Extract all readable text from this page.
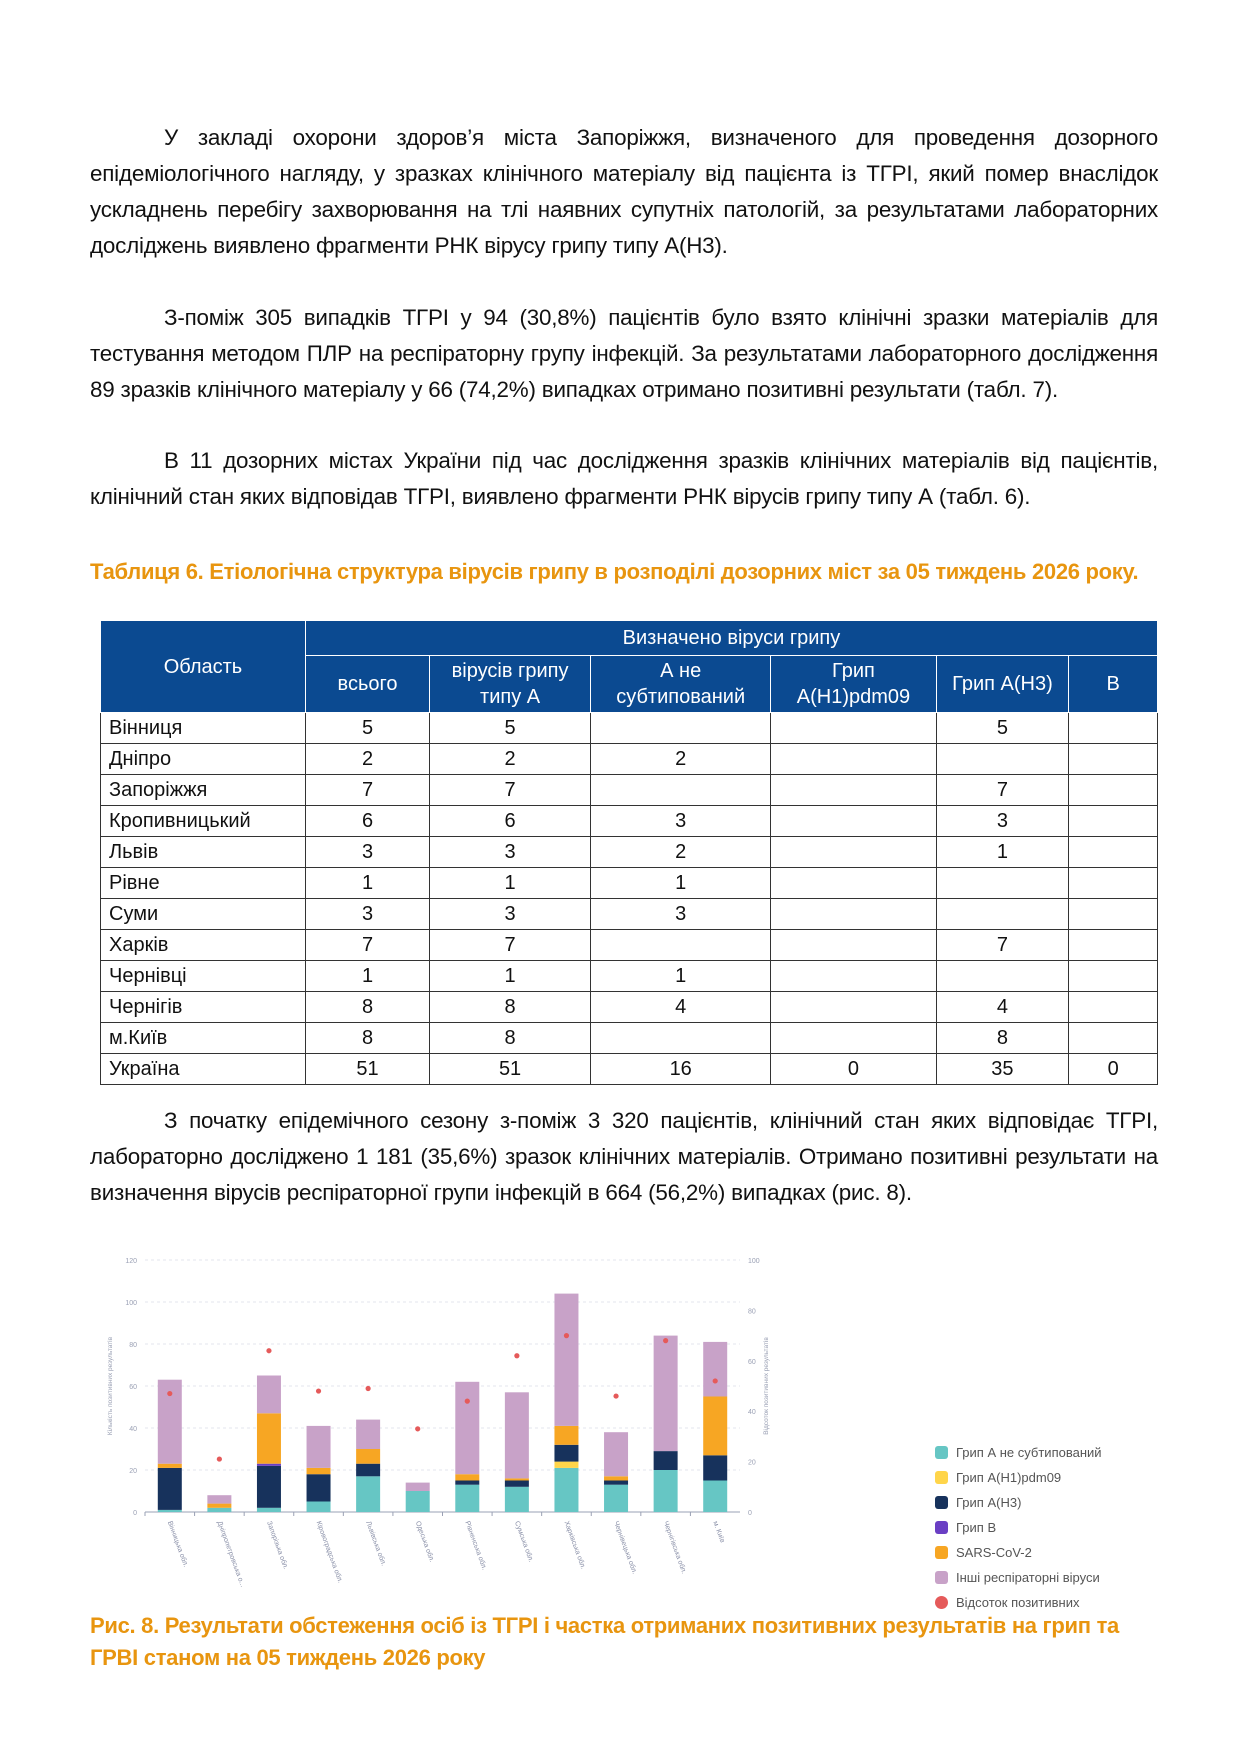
У закладі охорони здоров’я міста Запоріжжя, визначеного для проведення дозорного епідеміологічного нагляду, у зразках клінічного матеріалу від пацієнта із ТГРІ, який помер внаслідок ускладнень перебігу захворювання на тлі наявних супутніх патологій, за результатами лабораторних досліджень виявлено фрагменти РНК вірусу грипу типу А(Н3).

З-поміж 305 випадків ТГРІ у 94 (30,8%) пацієнтів було взято клінічні зразки матеріалів для тестування методом ПЛР на респіраторну групу інфекцій. За результатами лабораторного дослідження 89 зразків клінічного матеріалу у 66 (74,2%) випадках отримано позитивні результати (табл. 7).

В 11 дозорних містах України під час дослідження зразків клінічних матеріалів від пацієнтів, клінічний стан яких відповідав ТГРІ, виявлено фрагменти РНК вірусів грипу типу А (табл. 6).

Таблиця 6. Етіологічна структура вірусів грипу в розподілі дозорних міст за 05 тиждень 2026 року.

Область	Визначено віруси грипу					
	всього	вірусів грипу типу А	А не субтипований	Грип А(Н1)pdm09	Грип А(Н3)	В
Вінниця	5	5			5	
Дніпро	2	2	2			
Запоріжжя	7	7			7	
Кропивницький	6	6	3		3	
Львів	3	3	2		1	
Рівне	1	1	1			
Суми	3	3	3			
Харків	7	7			7	
Чернівці	1	1	1			
Чернігів	8	8	4		4	
м.Київ	8	8			8	
Україна	51	51	16	0	35	0

З початку епідемічного сезону з-поміж 3 320 пацієнтів, клінічний стан яких відповідає ТГРІ, лабораторно досліджено 1 181 (35,6%) зразок клінічних матеріалів. Отримано позитивні результати на визначення вірусів респіраторної групи інфекцій в 664 (56,2%) випадках (рис. 8).

0
20
40
60
80
100
120
0
20
40
60
80
100
Кількість позитивних результатів	Відсоток позитивних результатів
Вінницька обл.	Дніпропетровська о...	Запорізька обл.	Кіровоградська обл.	Львівська обл.	Одеська обл.	Рівненська обл.	Сумська обл.	Харківська обл.	Чернівецька обл.	Чернігівська обл.	м. Київ
Грип А не субтипований
Грип А(Н1)pdm09
Грип А(Н3)
Грип В
SARS-CoV-2
Інші респіраторні віруси
Відсоток позитивних

Рис. 8. Результати обстеження осіб із ТГРІ і частка отриманих позитивних результатів на грип та ГРВІ станом на 05 тиждень 2026 року
